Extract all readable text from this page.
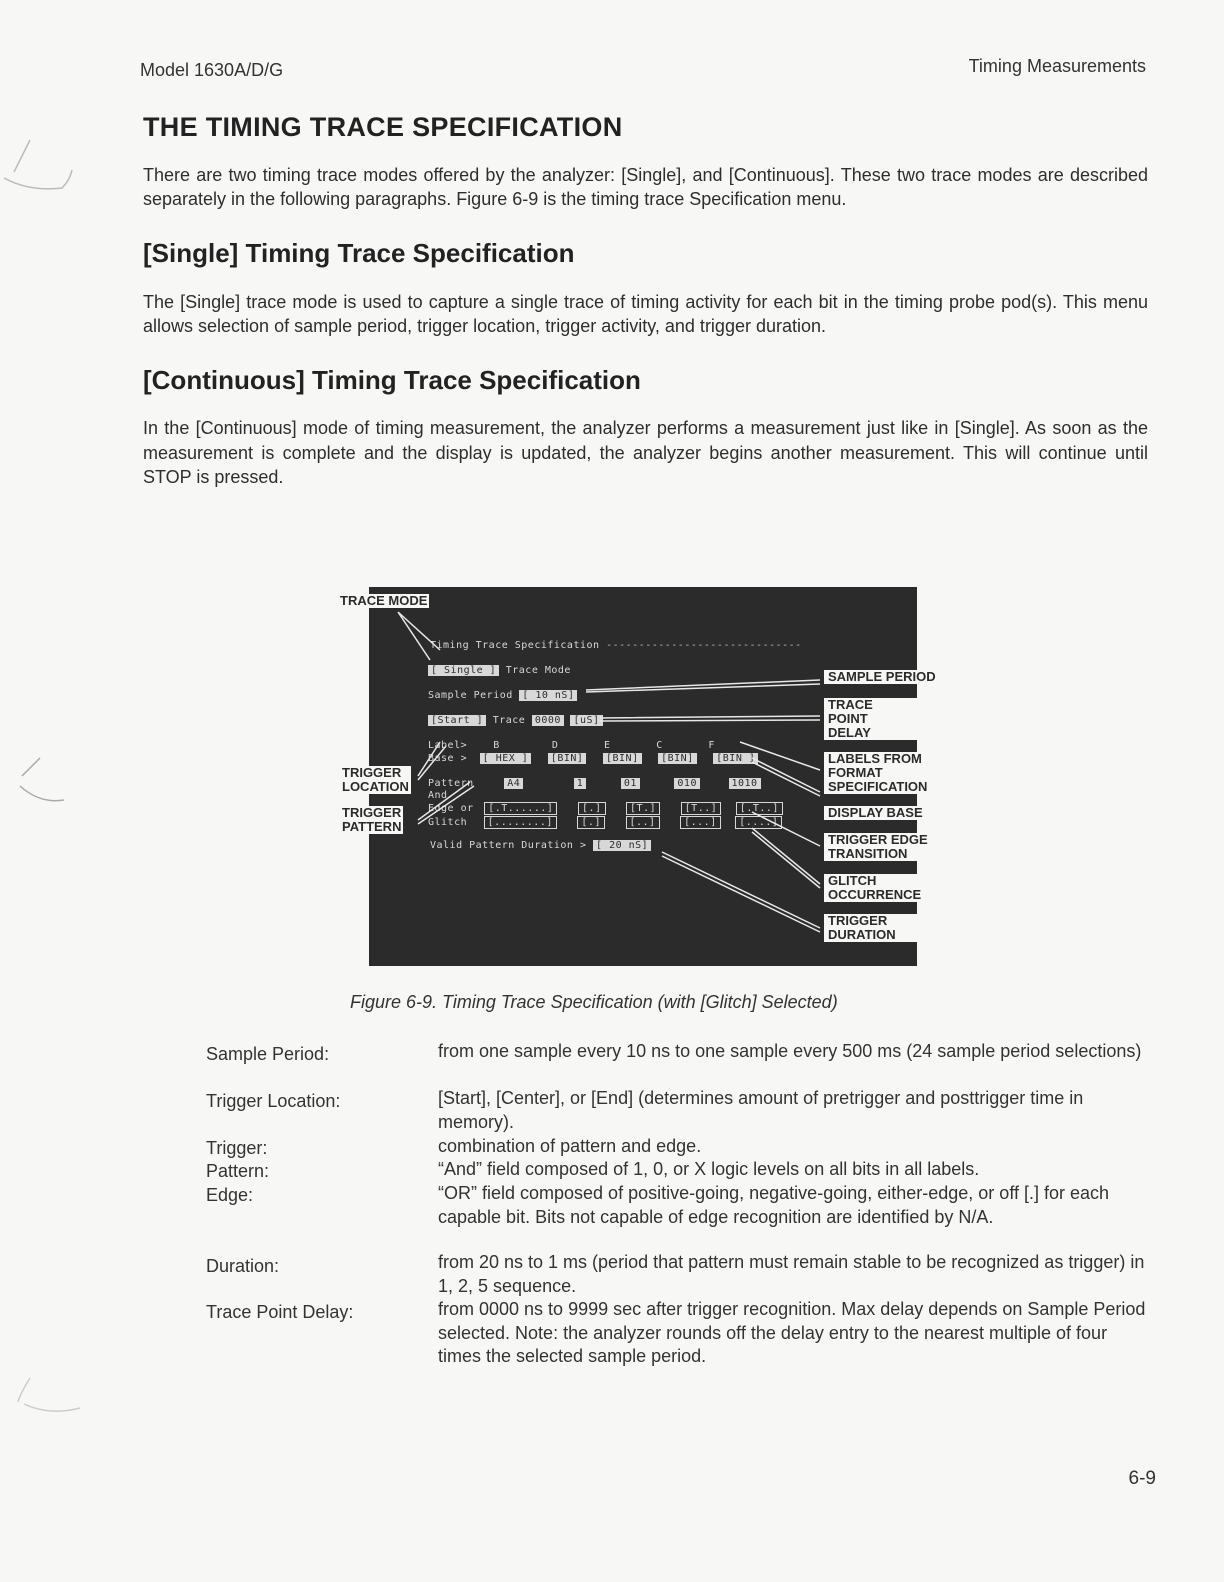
Model 1630A/D/G	Timing Measurements
THE TIMING TRACE SPECIFICATION

There are two timing trace modes offered by the analyzer: [Single], and [Continuous]. These two trace modes are described separately in the following paragraphs. Figure 6-9 is the timing trace Specification menu.

[Single] Timing Trace Specification

The [Single] trace mode is used to capture a single trace of timing activity for each bit in the timing probe pod(s). This menu allows selection of sample period, trigger location, trigger activity, and trigger duration.

[Continuous] Timing Trace Specification

In the [Continuous] mode of timing measurement, the analyzer performs a measurement just like in [Single]. As soon as the measurement is complete and the display is updated, the analyzer begins another measurement. This will continue until STOP is pressed.

Timing Trace Specification ------------------------------
[ Single ] Trace Mode
Sample Period [ 10 nS]
[Start ] Trace 0000 [uS]
Label>    B        D       E       C       F
Base > [ HEX ] [BIN] [BIN] [BIN] [BIN ]
Pattern	A4	1	01	010	1010
And
Edge or [.T......]	[.]	[T.]	[T..] [.T..]
Glitch [........]	[.]	[..]	[...] [....]
Valid Pattern Duration > [ 20 nS]
TRACE MODE
SAMPLE PERIOD
TRACE
POINT
DELAY
LABELS FROM
FORMAT
SPECIFICATION
DISPLAY BASE
TRIGGER EDGE
TRANSITION
GLITCH
OCCURRENCE
TRIGGER
DURATION
TRIGGER
LOCATION
TRIGGER
PATTERN
Figure 6-9. Timing Trace Specification (with [Glitch] Selected)
Sample Period:	from one sample every 10 ns to one sample every 500 ms (24 sample period selections)

Trigger Location:	[Start], [Center], or [End] (determines amount of pretrigger and posttrigger time in memory).

Trigger:	combination of pattern and edge.

Pattern:	“And” field composed of 1, 0, or X logic levels on all bits in all labels.

Edge:	“OR” field composed of positive-going, negative-going, either-edge, or off [.] for each capable bit. Bits not capable of edge recognition are identified by N/A.

Duration:	from 20 ns to 1 ms (period that pattern must remain stable to be recognized as trigger) in 1, 2, 5 sequence.

Trace Point Delay:	from 0000 ns to 9999 sec after trigger recognition. Max delay depends on Sample Period selected. Note: the analyzer rounds off the delay entry to the nearest multiple of four times the selected sample period.

6-9
